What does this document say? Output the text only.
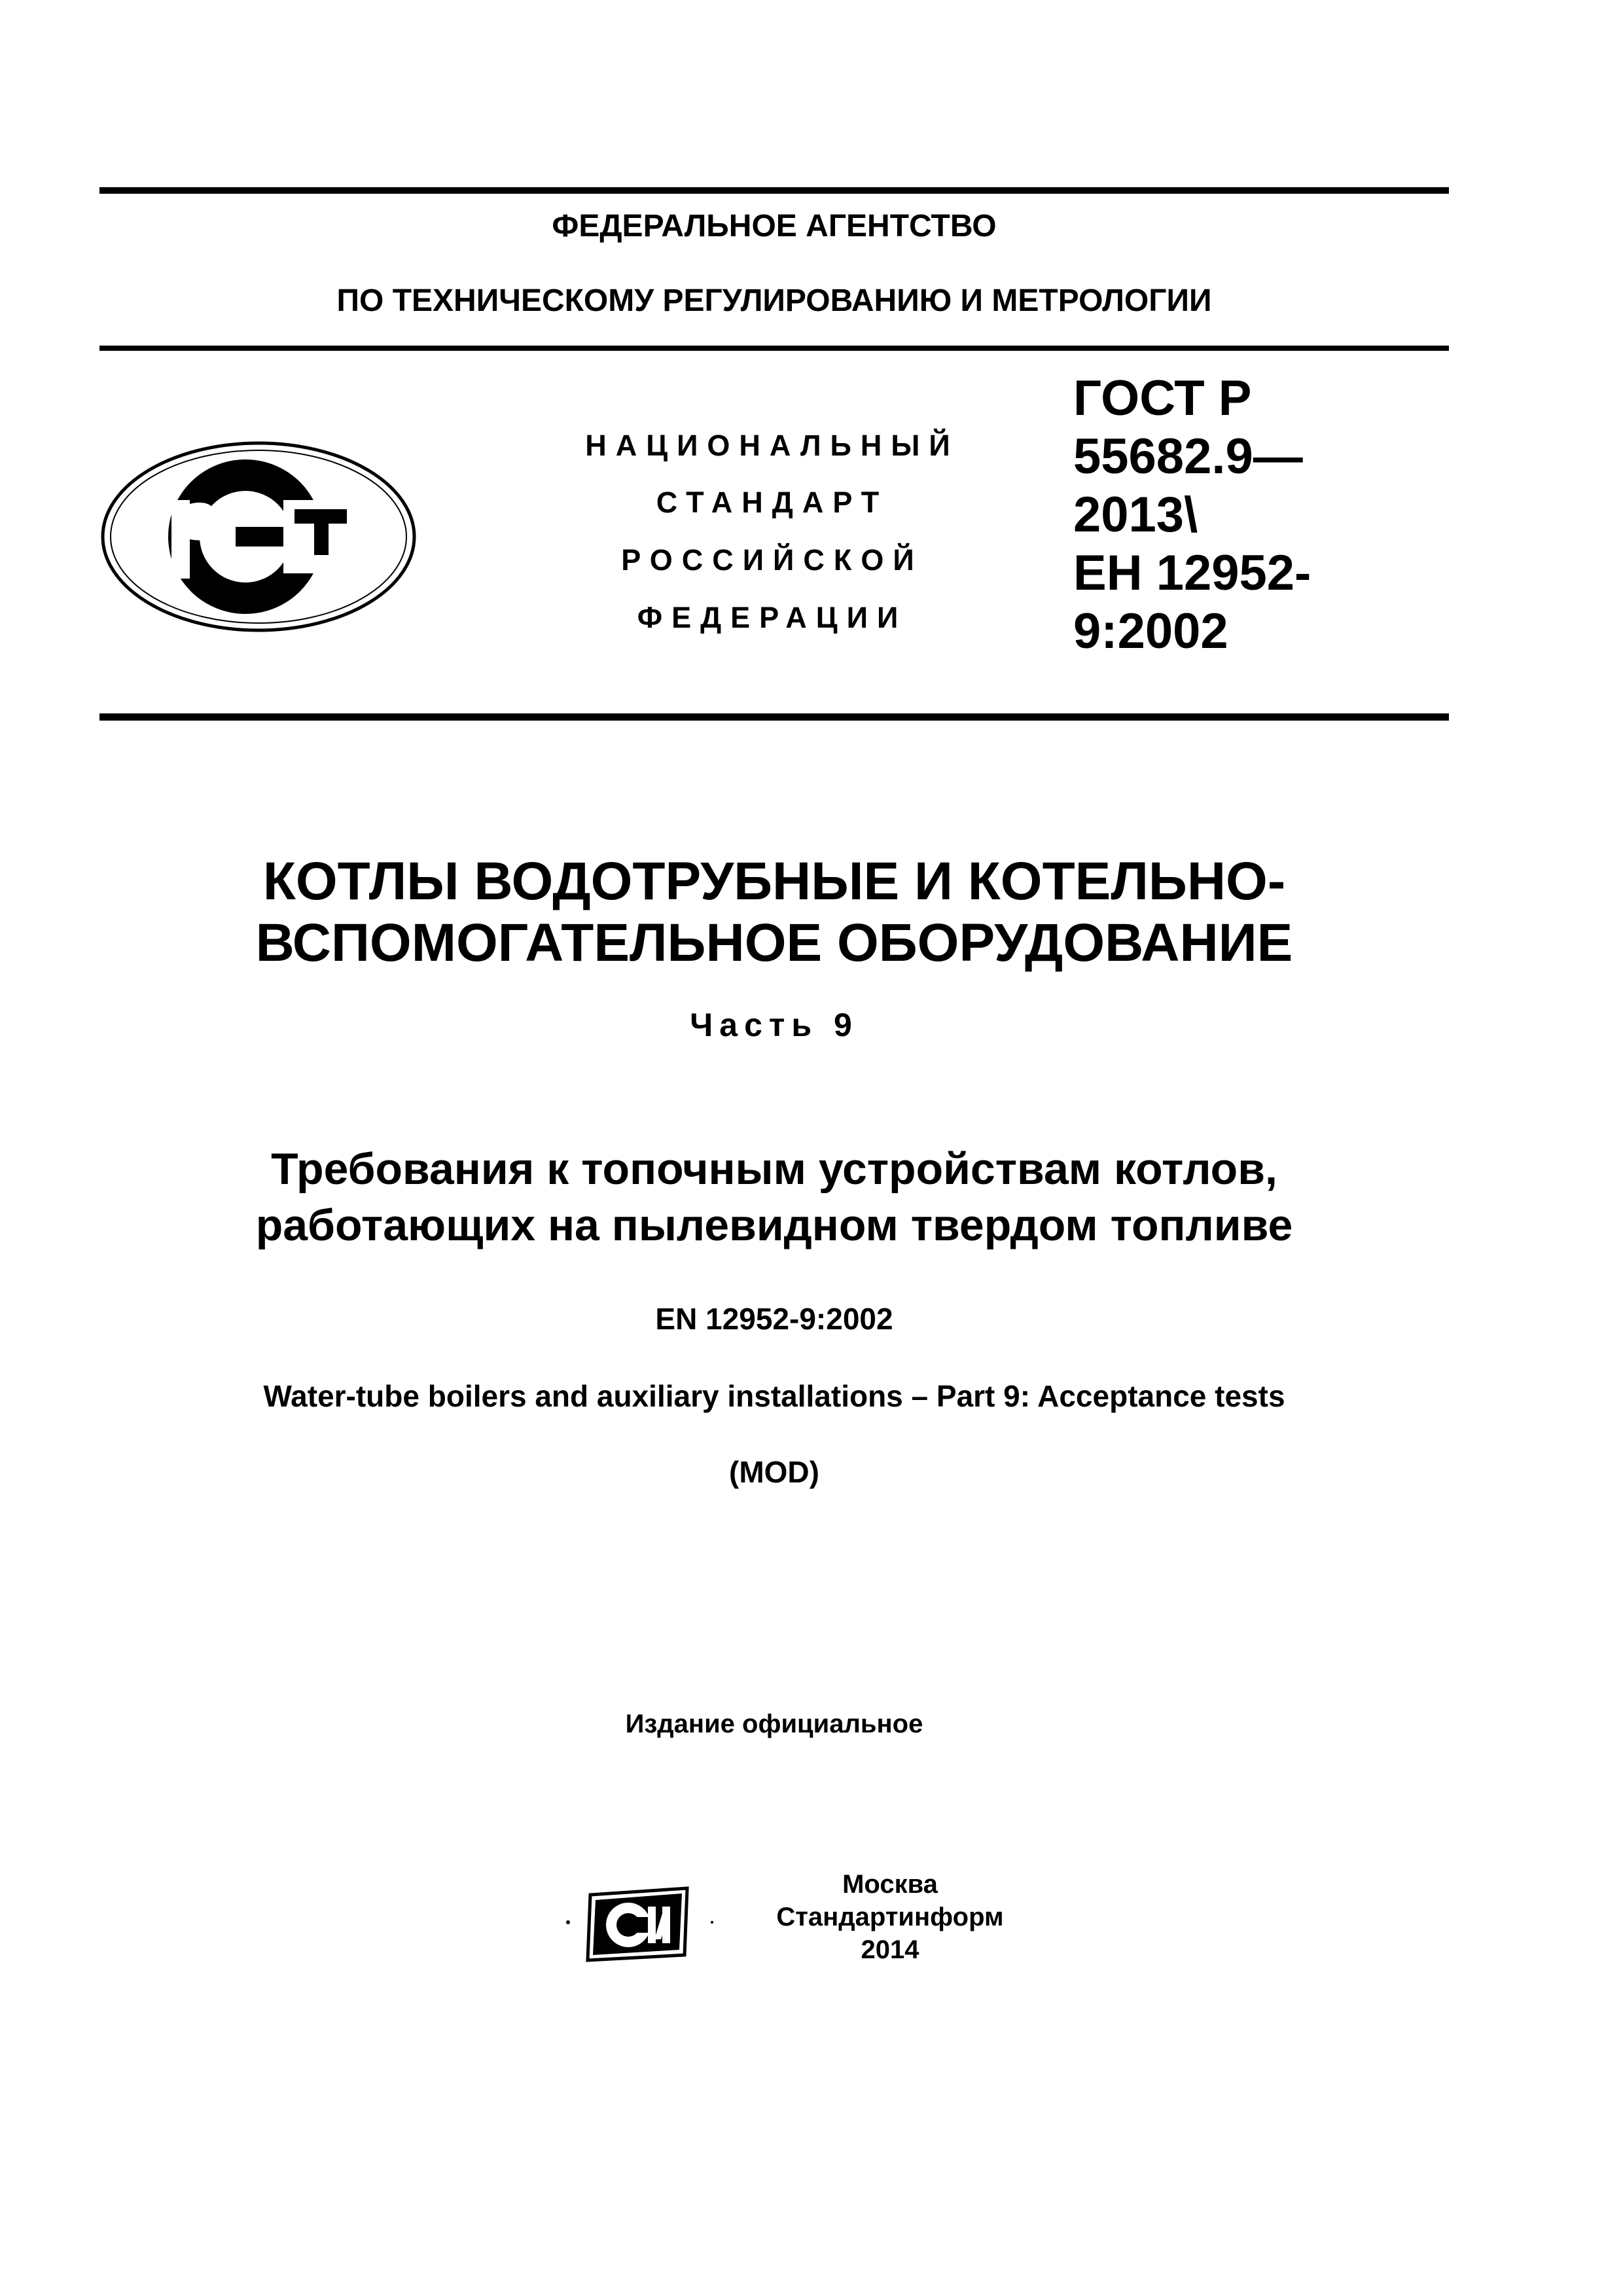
ФЕДЕРАЛЬНОЕ АГЕНТСТВО
ПО ТЕХНИЧЕСКОМУ РЕГУЛИРОВАНИЮ И МЕТРОЛОГИИ
НАЦИОНАЛЬНЫЙ
СТАНДАРТ
РОССИЙСКОЙ
ФЕДЕРАЦИИ
ГОСТ Р
55682.9—
2013\
ЕН 12952-
9:2002
КОТЛЫ ВОДОТРУБНЫЕ И КОТЕЛЬНО-
ВСПОМОГАТЕЛЬНОЕ ОБОРУДОВАНИЕ
Часть 9
Требования к топочным устройствам котлов,
работающих на пылевидном твердом топливе
EN 12952-9:2002
Water-tube boilers and auxiliary installations – Part 9: Acceptance tests
(MOD)
Издание официальное
Москва
Стандартинформ
2014
